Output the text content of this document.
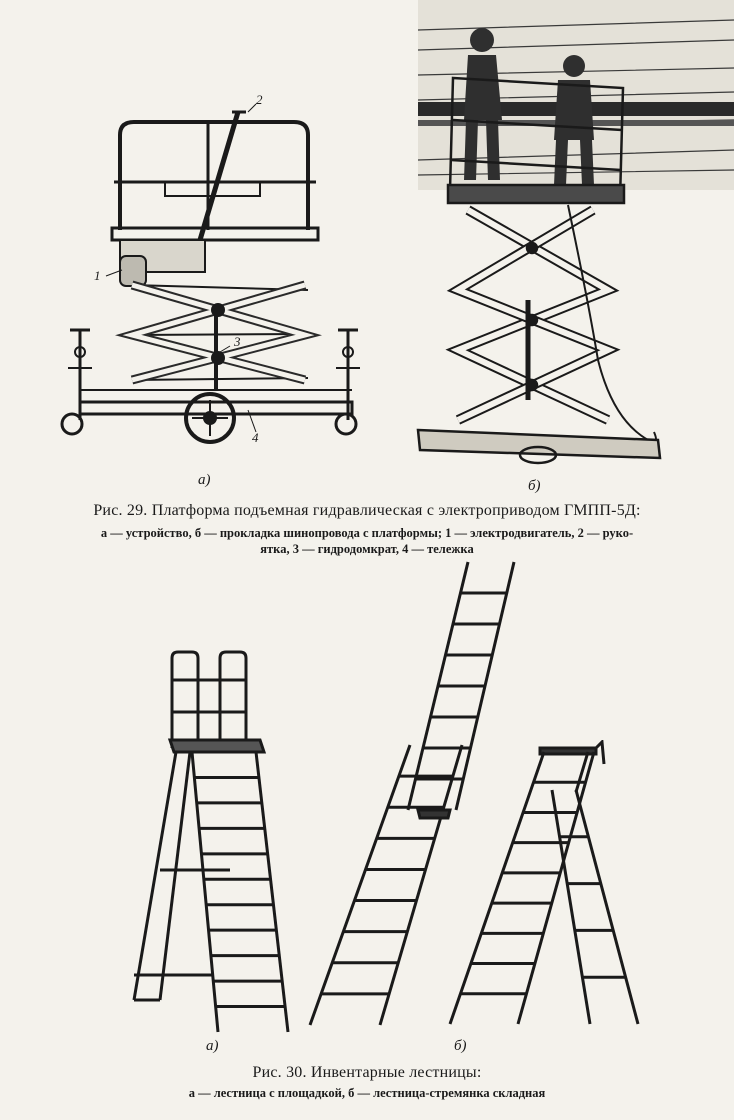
1
2
3
4
а)	б)
Рис. 29. Платформа подъемная гидравлическая с электроприводом ГМПП-5Д:
а — устройство, б — прокладка шинопровода с платформы; 1 — электродвигатель, 2 — руко-
ятка, 3 — гидродомкрат, 4 — тележка
а)	б)
Рис. 30. Инвентарные лестницы:
а — лестница с площадкой, б — лестница-стремянка складная
